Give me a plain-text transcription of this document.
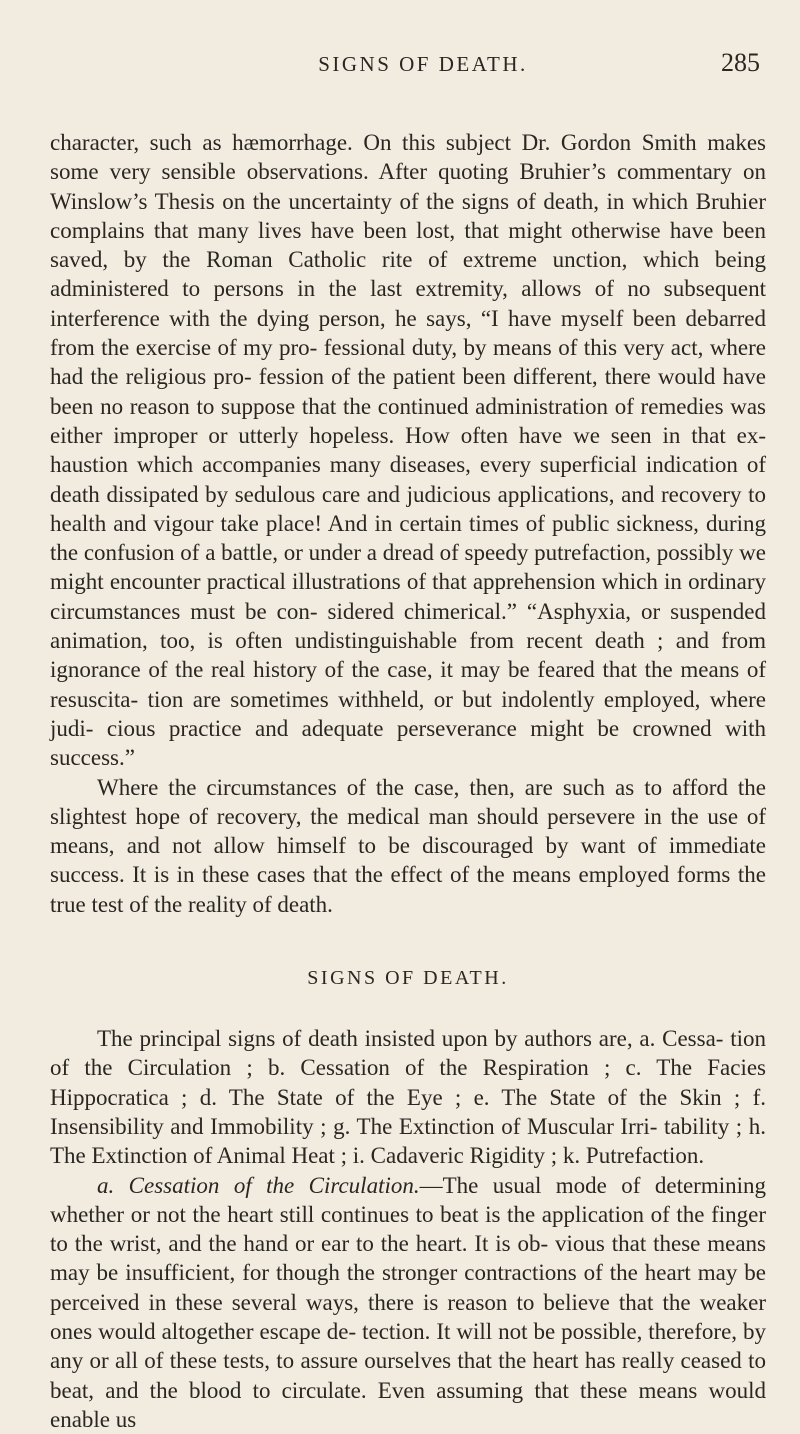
SIGNS OF DEATH.	285

character, such as hæmorrhage. On this subject Dr. Gordon Smith makes some very sensible observations. After quoting Bruhier’s commentary on Winslow’s Thesis on the uncertainty of the signs of death, in which Bruhier complains that many lives have been lost, that might otherwise have been saved, by the Roman Catholic rite of extreme unction, which being administered to persons in the last extremity, allows of no subsequent interference with the dying person, he says, “I have myself been debarred from the exercise of my pro- fessional duty, by means of this very act, where had the religious pro- fession of the patient been different, there would have been no reason to suppose that the continued administration of remedies was either improper or utterly hopeless. How often have we seen in that ex- haustion which accompanies many diseases, every superficial indication of death dissipated by sedulous care and judicious applications, and recovery to health and vigour take place! And in certain times of public sickness, during the confusion of a battle, or under a dread of speedy putrefaction, possibly we might encounter practical illustrations of that apprehension which in ordinary circumstances must be con- sidered chimerical.” “Asphyxia, or suspended animation, too, is often undistinguishable from recent death ; and from ignorance of the real history of the case, it may be feared that the means of resuscita- tion are sometimes withheld, or but indolently employed, where judi- cious practice and adequate perseverance might be crowned with success.”

Where the circumstances of the case, then, are such as to afford the slightest hope of recovery, the medical man should persevere in the use of means, and not allow himself to be discouraged by want of immediate success. It is in these cases that the effect of the means employed forms the true test of the reality of death.

SIGNS OF DEATH.

The principal signs of death insisted upon by authors are, a. Cessa- tion of the Circulation ; b. Cessation of the Respiration ; c. The Facies Hippocratica ; d. The State of the Eye ; e. The State of the Skin ; f. Insensibility and Immobility ; g. The Extinction of Muscular Irri- tability ; h. The Extinction of Animal Heat ; i. Cadaveric Rigidity ; k. Putrefaction.

a. Cessation of the Circulation.—The usual mode of determining whether or not the heart still continues to beat is the application of the finger to the wrist, and the hand or ear to the heart. It is ob- vious that these means may be insufficient, for though the stronger contractions of the heart may be perceived in these several ways, there is reason to believe that the weaker ones would altogether escape de- tection. It will not be possible, therefore, by any or all of these tests, to assure ourselves that the heart has really ceased to beat, and the blood to circulate. Even assuming that these means would enable us
